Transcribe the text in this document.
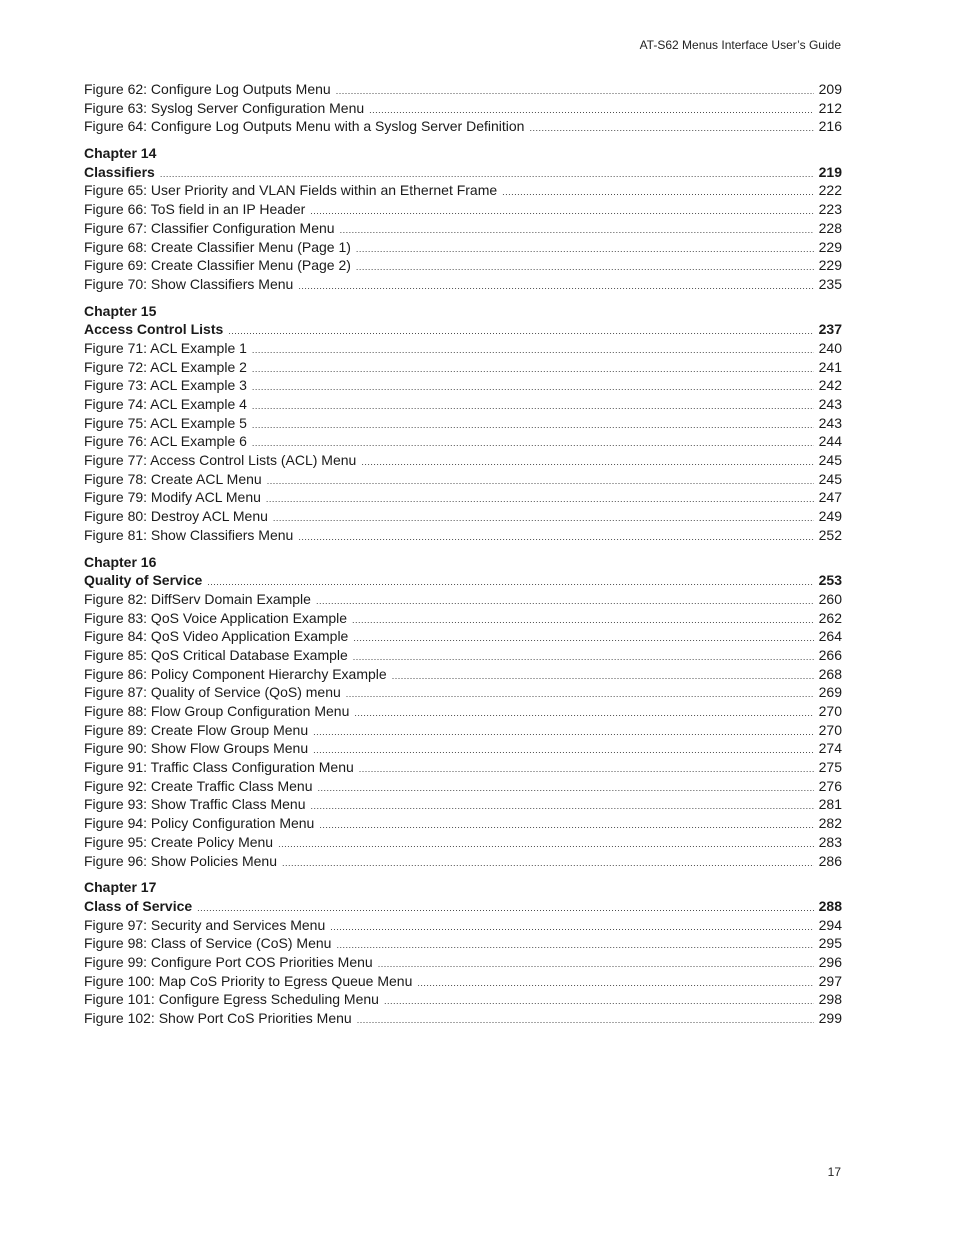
AT-S62 Menus Interface User’s Guide
Figure 62: Configure Log Outputs Menu .....	209
Figure 63: Syslog Server Configuration Menu .....	212
Figure 64: Configure Log Outputs Menu with a Syslog Server Definition .....	216
Chapter 14
Classifiers .....	219
Figure 65: User Priority and VLAN Fields within an Ethernet Frame .....	222
Figure 66: ToS field in an IP Header .....	223
Figure 67: Classifier Configuration Menu .....	228
Figure 68: Create Classifier Menu (Page 1) .....	229
Figure 69: Create Classifier Menu (Page 2) .....	229
Figure 70: Show Classifiers Menu .....	235
Chapter 15
Access Control Lists .....	237
Figure 71: ACL Example 1 .....	240
Figure 72: ACL Example 2 .....	241
Figure 73: ACL Example 3 .....	242
Figure 74: ACL Example 4 .....	243
Figure 75: ACL Example 5 .....	243
Figure 76: ACL Example 6 .....	244
Figure 77: Access Control Lists (ACL) Menu .....	245
Figure 78: Create ACL Menu .....	245
Figure 79: Modify ACL Menu .....	247
Figure 80: Destroy ACL Menu .....	249
Figure 81: Show Classifiers Menu .....	252
Chapter 16
Quality of Service .....	253
Figure 82: DiffServ Domain Example .....	260
Figure 83: QoS Voice Application Example .....	262
Figure 84: QoS Video Application Example .....	264
Figure 85: QoS Critical Database Example .....	266
Figure 86: Policy Component Hierarchy Example .....	268
Figure 87: Quality of Service (QoS) menu .....	269
Figure 88: Flow Group Configuration Menu .....	270
Figure 89: Create Flow Group Menu .....	270
Figure 90: Show Flow Groups Menu .....	274
Figure 91: Traffic Class Configuration Menu .....	275
Figure 92: Create Traffic Class Menu .....	276
Figure 93: Show Traffic Class Menu .....	281
Figure 94: Policy Configuration Menu .....	282
Figure 95: Create Policy Menu .....	283
Figure 96: Show Policies Menu .....	286
Chapter 17
Class of Service .....	288
Figure 97: Security and Services Menu .....	294
Figure 98: Class of Service (CoS) Menu .....	295
Figure 99: Configure Port COS Priorities Menu .....	296
Figure 100: Map CoS Priority to Egress Queue Menu .....	297
Figure 101: Configure Egress Scheduling Menu .....	298
Figure 102: Show Port CoS Priorities Menu .....	299
17
